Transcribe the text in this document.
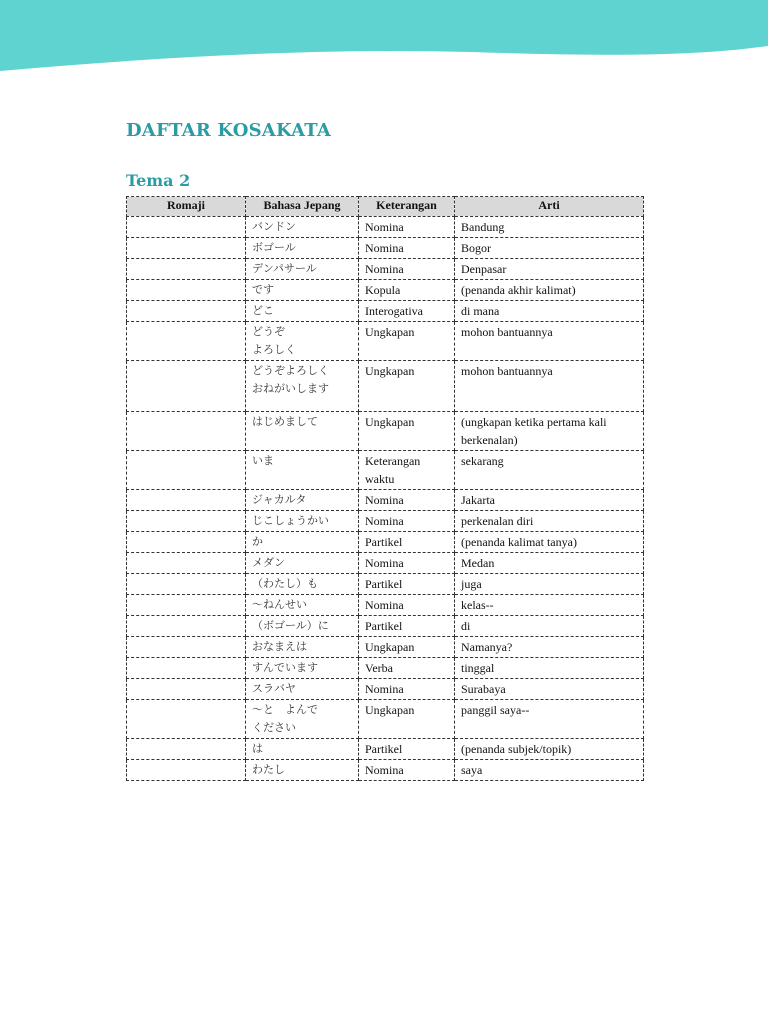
DAFTAR KOSAKATA
Tema 2
Romaji	Bahasa Jepang	Keterangan	Arti
	バンドン	Nomina	Bandung
	ボゴール	Nomina	Bogor
	デンパサール	Nomina	Denpasar
	です	Kopula	(penanda akhir kalimat)
	どこ	Interogativa	di mana
	どうぞ
よろしく	Ungkapan	mohon bantuannya
	どうぞよろしく
おねがいします	Ungkapan	mohon bantuannya
	はじめまして	Ungkapan	(ungkapan ketika pertama kali berkenalan)
	いま	Keterangan waktu	sekarang
	ジャカルタ	Nomina	Jakarta
	じこしょうかい	Nomina	perkenalan diri
	か	Partikel	(penanda kalimat tanya)
	メダン	Nomina	Medan
	（わたし）も	Partikel	juga
	〜ねんせい	Nomina	kelas--
	（ボゴール）に	Partikel	di
	おなまえは	Ungkapan	Namanya?
	すんでいます	Verba	tinggal
	スラバヤ	Nomina	Surabaya
	〜と　よんで
ください	Ungkapan	panggil saya--
	は	Partikel	(penanda subjek/topik)
	わたし	Nomina	saya
